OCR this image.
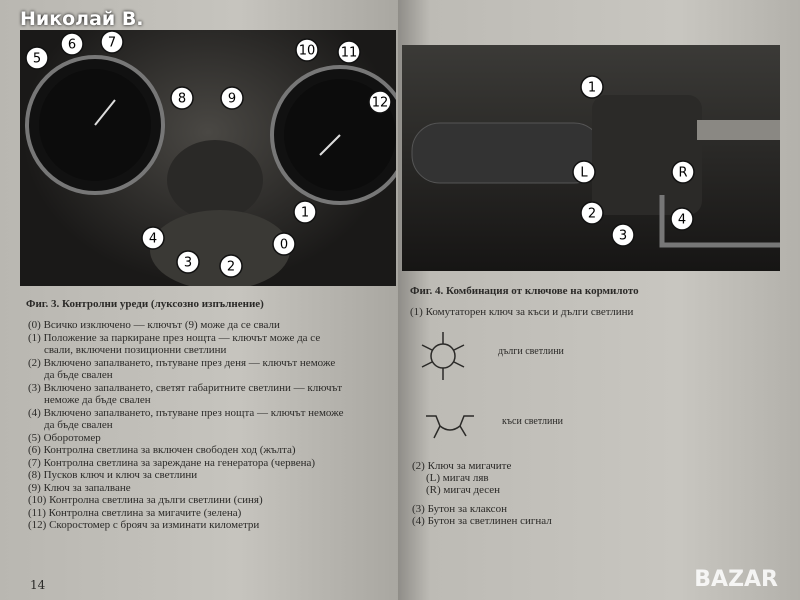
5
6 7
8	9
10 11
12
4
3	2
0
1
Фиг. 3. Контролни уреди (луксозно изпълнение)
(0) Всичко изключено — ключът (9) може да се свали
(1) Положение за паркиране през нощта — ключът може да се
свали, включени позиционни светлини
(2) Включено запалването, пътуване през деня — ключът неможе
да бъде свален
(3) Включено запалването, светят габаритните светлини — ключът
неможе да бъде свален
(4) Включено запалването, пътуване през нощта — ключът неможе
да бъде свален
(5) Оборотомер
(6) Контролна светлина за включен свободен ход (жълта)
(7) Контролна светлина за зареждане на генератора (червена)
(8) Пусков ключ и ключ за светлини
(9) Ключ за запалване
(10) Контролна светлина за дълги светлини (синя)
(11) Контролна светлина за мигачите (зелена)
(12) Скоростомер с брояч за изминати километри
14
1
L	R
2
3
4
Фиг. 4. Комбинация от ключове на кормилото
(1) Комутаторен ключ за къси и дълги светлини
дълги светлини
къси светлини
(2) Ключ за мигачите
(L) мигач ляв
(R) мигач десен
(3) Бутон за клаксон
(4) Бутон за светлинен сигнал
Николай В.
BAZAR
